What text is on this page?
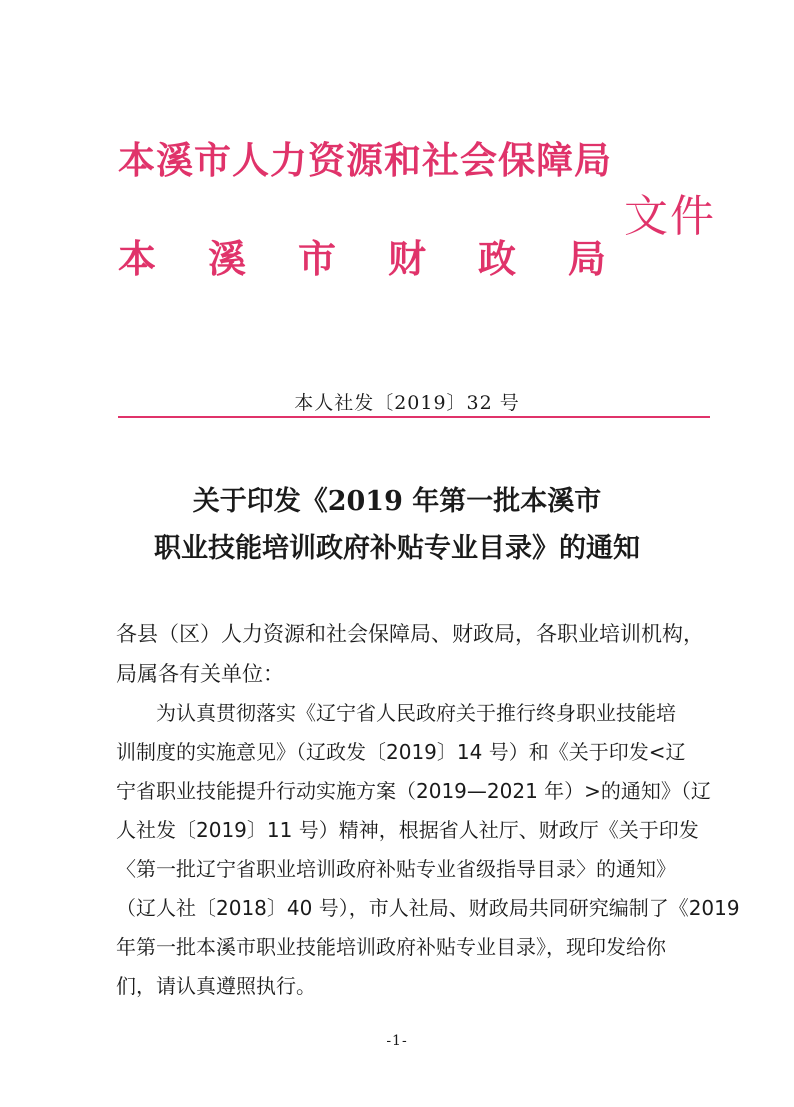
本溪市人力资源和社会保障局
本 溪 市 财 政 局
文件
本人社发〔2019〕32 号
关于印发《2019 年第一批本溪市
职业技能培训政府补贴专业目录》的通知
各县（区）人力资源和社会保障局、财政局，各职业培训机构，
局属各有关单位：
为认真贯彻落实《辽宁省人民政府关于推行终身职业技能培
训制度的实施意见》（辽政发〔2019〕14 号）和《关于印发<辽
宁省职业技能提升行动实施方案（2019—2021 年）>的通知》（辽
人社发〔2019〕11 号）精神，根据省人社厅、财政厅《关于印发
〈第一批辽宁省职业培训政府补贴专业省级指导目录〉的通知》
（辽人社〔2018〕40 号），市人社局、财政局共同研究编制了《2019
年第一批本溪市职业技能培训政府补贴专业目录》，现印发给你
们，请认真遵照执行。
-1-
